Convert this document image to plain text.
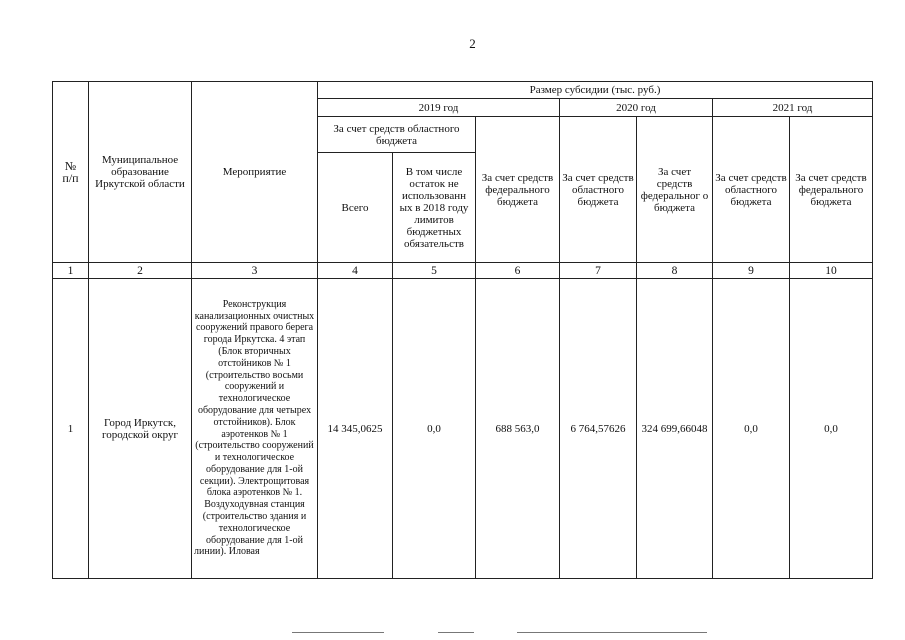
2
№
п/п	Муниципальное образование Иркутской области	Мероприятие	Размер субсидии (тыс. руб.)						
			2019 год			2020 год		2021 год	
			За счет средств областного бюджета		За счет средств федерального бюджета	За счет средств областного бюджета	За счет средств федеральног о бюджета	За счет средств областного бюджета	За счет средств федерального бюджета
			Всего	В том числе остаток не использованн ых в 2018 году лимитов бюджетных обязательств					
1	2	3	4	5	6	7	8	9	10
1	Город Иркутск, городской округ	Реконструкция канализационных очистных сооружений правого берега города Иркутска. 4 этап (Блок вторичных отстойников № 1 (строительство восьми сооружений и технологическое оборудование для четырех отстойников). Блок аэротенков № 1 (строительство сооружений и технологическое оборудование для 1-ой секции). Электрощитовая блока аэротенков № 1. Воздуходувная станция (строительство здания и технологическое оборудование для 1-ой линии). Иловая	14 345,0625	0,0	688 563,0	6 764,57626	324 699,66048	0,0	0,0
